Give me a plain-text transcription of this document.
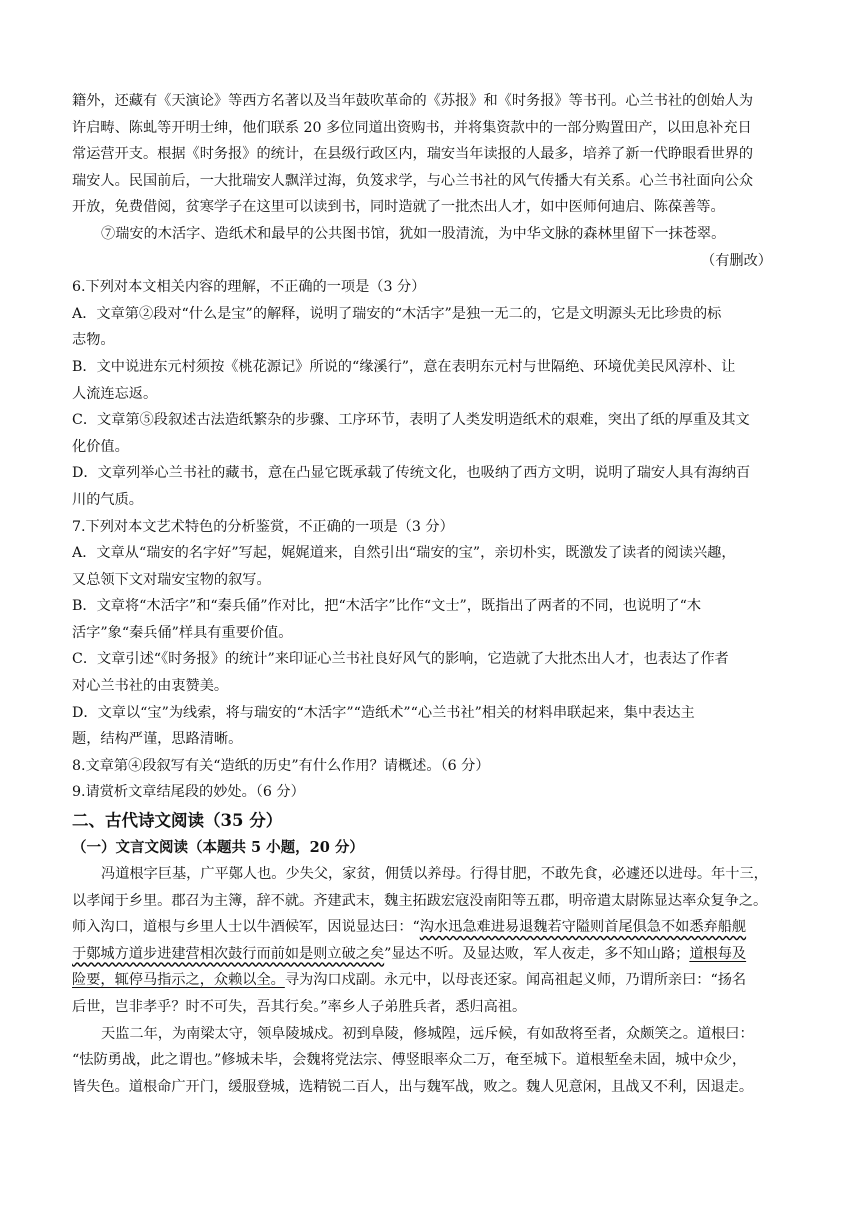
籍外，还藏有《天演论》等西方名著以及当年鼓吹革命的《苏报》和《时务报》等书刊。心兰书社的创始人为
许启畴、陈虬等开明士绅，他们联系 20 多位同道出资购书，并将集资款中的一部分购置田产，以田息补充日
常运营开支。根据《时务报》的统计，在县级行政区内，瑞安当年读报的人最多，培养了新一代睁眼看世界的
瑞安人。民国前后，一大批瑞安人飘洋过海，负笈求学，与心兰书社的风气传播大有关系。心兰书社面向公众
开放，免费借阅，贫寒学子在这里可以读到书，同时造就了一批杰出人才，如中医师何迪启、陈葆善等。
⑦瑞安的木活字、造纸术和最早的公共图书馆，犹如一股清流，为中华文脉的森林里留下一抹苍翠。
（有删改）
6.下列对本文相关内容的理解，不正确的一项是（3 分）
A．文章第②段对“什么是宝”的解释，说明了瑞安的“木活字”是独一无二的，它是文明源头无比珍贵的标
志物。
B．文中说进东元村须按《桃花源记》所说的“缘溪行”，意在表明东元村与世隔绝、环境优美民风淳朴、让
人流连忘返。
C．文章第⑤段叙述古法造纸繁杂的步骤、工序环节，表明了人类发明造纸术的艰难，突出了纸的厚重及其文
化价值。
D．文章列举心兰书社的藏书，意在凸显它既承载了传统文化，也吸纳了西方文明，说明了瑞安人具有海纳百
川的气质。
7.下列对本文艺术特色的分析鉴赏，不正确的一项是（3 分）
A．文章从“瑞安的名字好”写起，娓娓道来，自然引出“瑞安的宝”，亲切朴实，既激发了读者的阅读兴趣，
又总领下文对瑞安宝物的叙写。
B．文章将“木活字”和“秦兵俑”作对比，把“木活字”比作“文士”，既指出了两者的不同，也说明了“木
活字”象“秦兵俑”样具有重要价值。
C．文章引述“《时务报》的统计”来印证心兰书社良好风气的影响，它造就了大批杰出人才，也表达了作者
对心兰书社的由衷赞美。
D．文章以“宝”为线索，将与瑞安的“木活字”“造纸术”“心兰书社”相关的材料串联起来，集中表达主
题，结构严谨，思路清晰。
8.文章第④段叙写有关“造纸的历史”有什么作用？请概述。（6 分）
9.请赏析文章结尾段的妙处。（6 分）
二、古代诗文阅读（35 分）
（一）文言文阅读（本题共 5 小题，20 分）
冯道根字巨基，广平鄚人也。少失父，家贫，佣赁以养母。行得甘肥，不敢先食，必遽还以进母。年十三，
以孝闻于乡里。郡召为主簿，辞不就。齐建武末，魏主拓跋宏寇没南阳等五郡，明帝遣太尉陈显达率众复争之。
师入沟口，道根与乡里人士以牛酒候军，因说显达曰：“沟水迅急难进易退魏若守隘则首尾俱急不如悉弃船舰
于鄚城方道步进建营相次鼓行而前如是则立破之矣”显达不听。及显达败，军人夜走，多不知山路；道根每及
险要，辄停马指示之，众赖以全。寻为沟口戍副。永元中，以母丧还家。闻高祖起义师，乃谓所亲曰：“扬名
后世，岂非孝乎？时不可失，吾其行矣。”率乡人子弟胜兵者，悉归高祖。
天监二年，为南梁太守，领阜陵城戍。初到阜陵，修城隍，远斥候，有如敌将至者，众颇笑之。道根曰：
“怯防勇战，此之谓也。”修城未毕，会魏将党法宗、傅竖眼率众二万，奄至城下。道根堑垒未固，城中众少，
皆失色。道根命广开门，缓服登城，选精锐二百人，出与魏军战，败之。魏人见意闲，且战又不利，因退走。
